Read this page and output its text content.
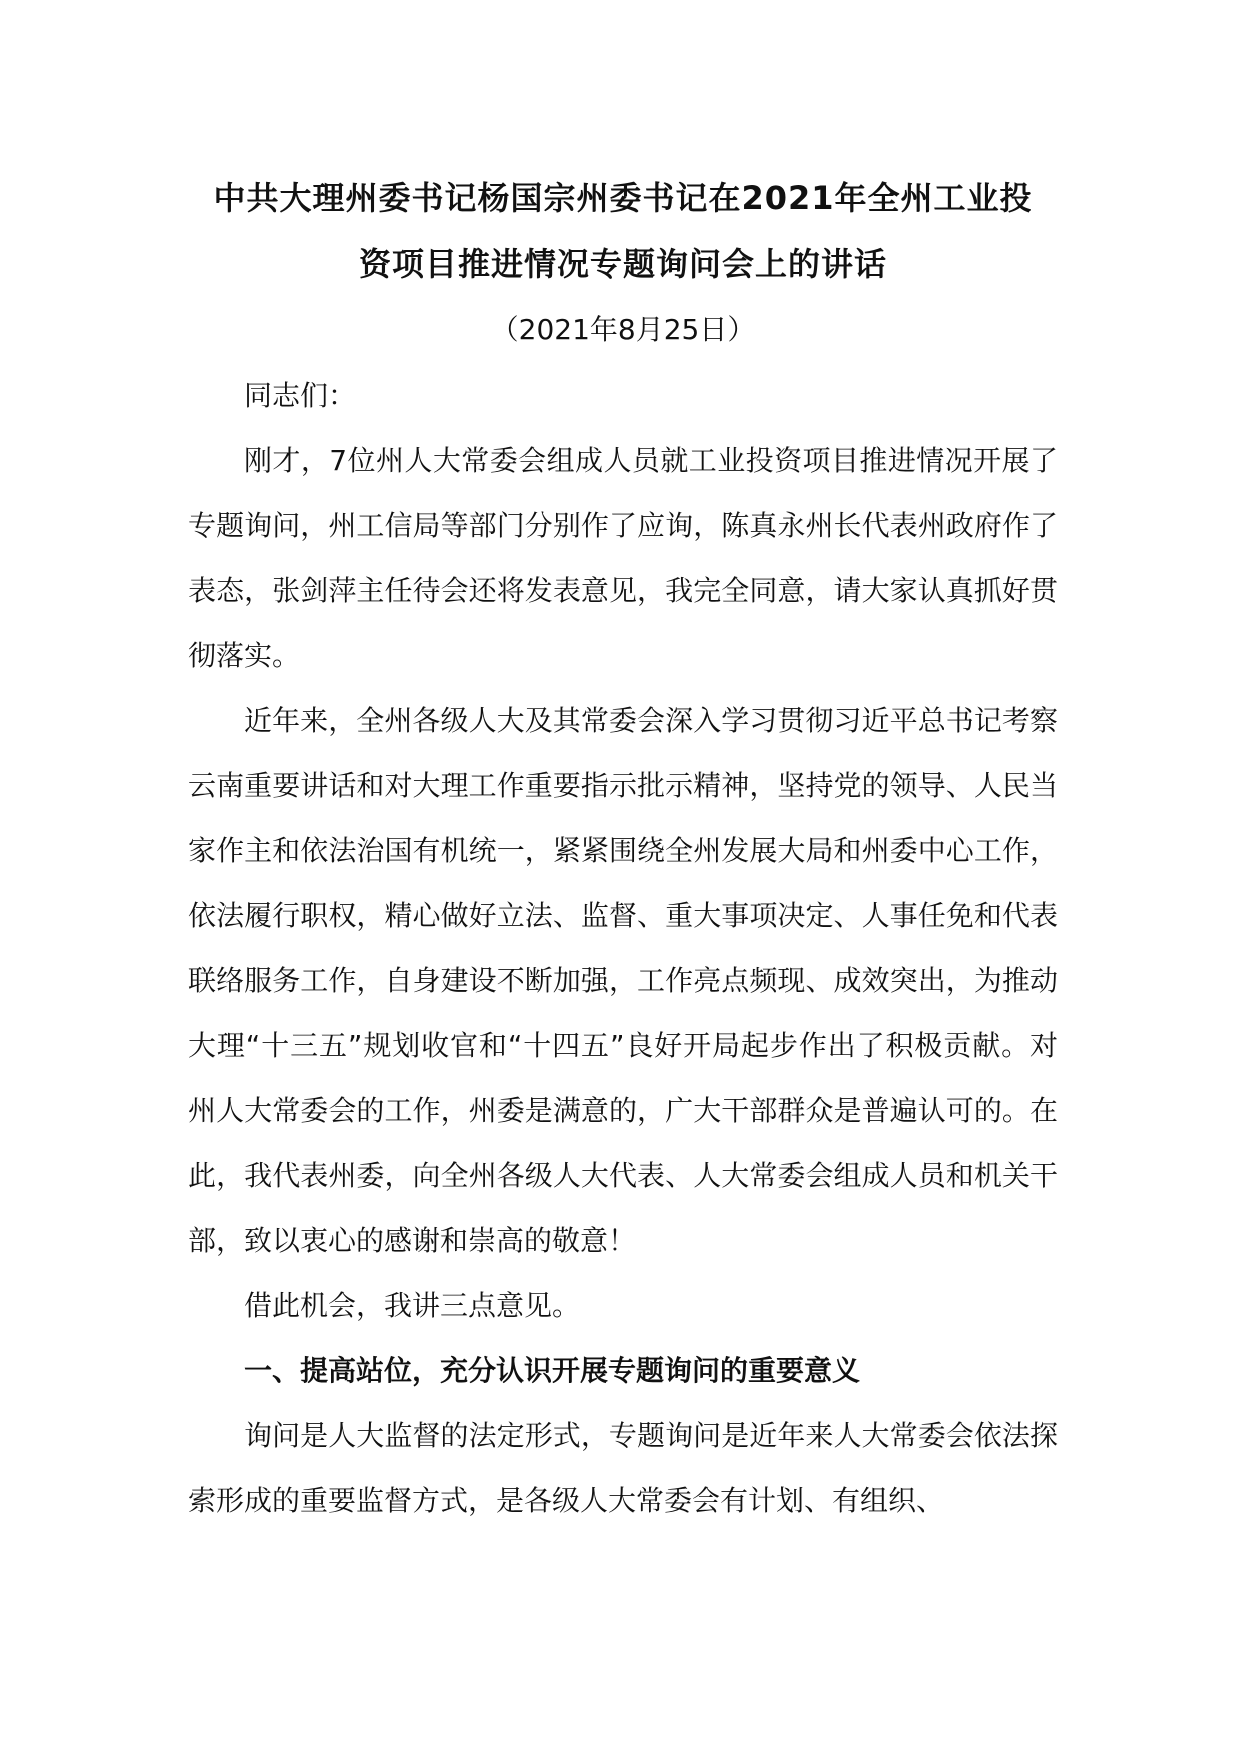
中共大理州委书记杨国宗州委书记在2021年全州工业投
资项目推进情况专题询问会上的讲话

（2021年8月25日）

同志们：

刚才，7位州人大常委会组成人员就工业投资项目推进情况开展了专题询问，州工信局等部门分别作了应询，陈真永州长代表州政府作了表态，张剑萍主任待会还将发表意见，我完全同意，请大家认真抓好贯彻落实。

近年来，全州各级人大及其常委会深入学习贯彻习近平总书记考察云南重要讲话和对大理工作重要指示批示精神，坚持党的领导、人民当家作主和依法治国有机统一，紧紧围绕全州发展大局和州委中心工作，依法履行职权，精心做好立法、监督、重大事项决定、人事任免和代表联络服务工作，自身建设不断加强，工作亮点频现、成效突出，为推动大理“十三五”规划收官和“十四五”良好开局起步作出了积极贡献。对州人大常委会的工作，州委是满意的，广大干部群众是普遍认可的。在此，我代表州委，向全州各级人大代表、人大常委会组成人员和机关干部，致以衷心的感谢和崇高的敬意！

借此机会，我讲三点意见。

一、提高站位，充分认识开展专题询问的重要意义

询问是人大监督的法定形式，专题询问是近年来人大常委会依法探索形成的重要监督方式，是各级人大常委会有计划、有组织、
